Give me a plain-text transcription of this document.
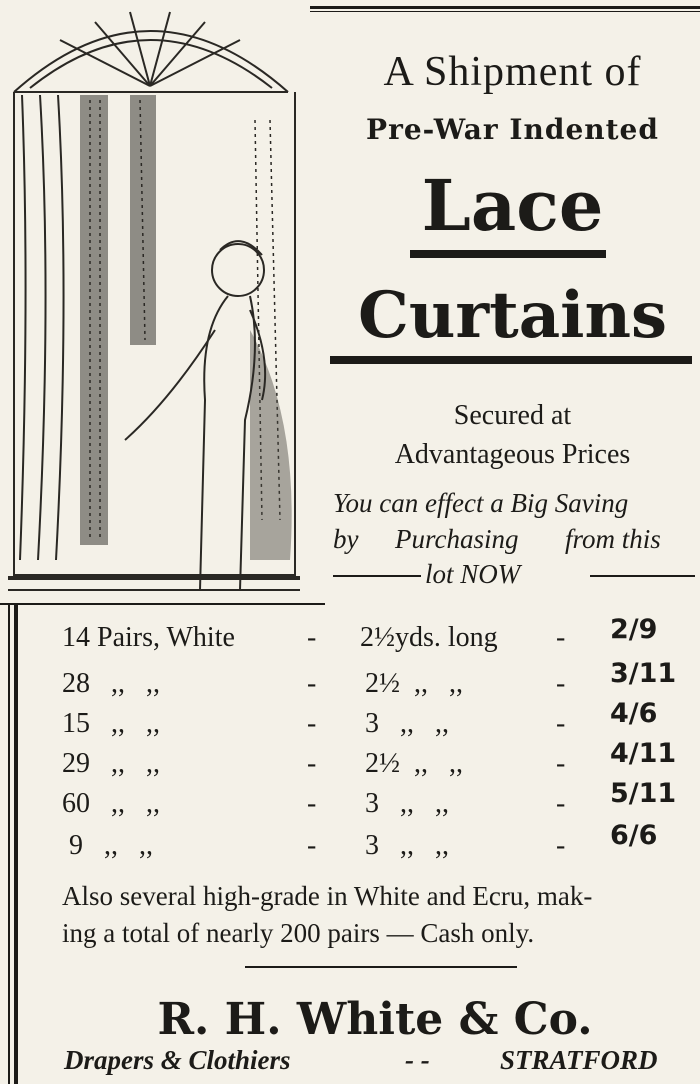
A Shipment of
Pre-War Indented
Lace
Curtains
Secured at
Advantageous Prices
You can effect a Big Saving
by Purchasing from this
lot NOW
14 Pairs, White	- 2½yds. long - 2/9
28   ,,   ,,	- 2½  ,,   ,,	- 3/11
15   ,,   ,,	- 3   ,,   ,,	- 4/6
29   ,,   ,,	- 2½  ,,   ,,	- 4/11
60   ,,   ,,	- 3   ,,   ,,	- 5/11
9   ,,   ,,	- 3   ,,   ,,	- 6/6
Also several high-grade in White and Ecru, mak-
ing a total of nearly 200 pairs — Cash only.
R. H. White & Co.
Drapers & Clothiers	- -	STRATFORD
